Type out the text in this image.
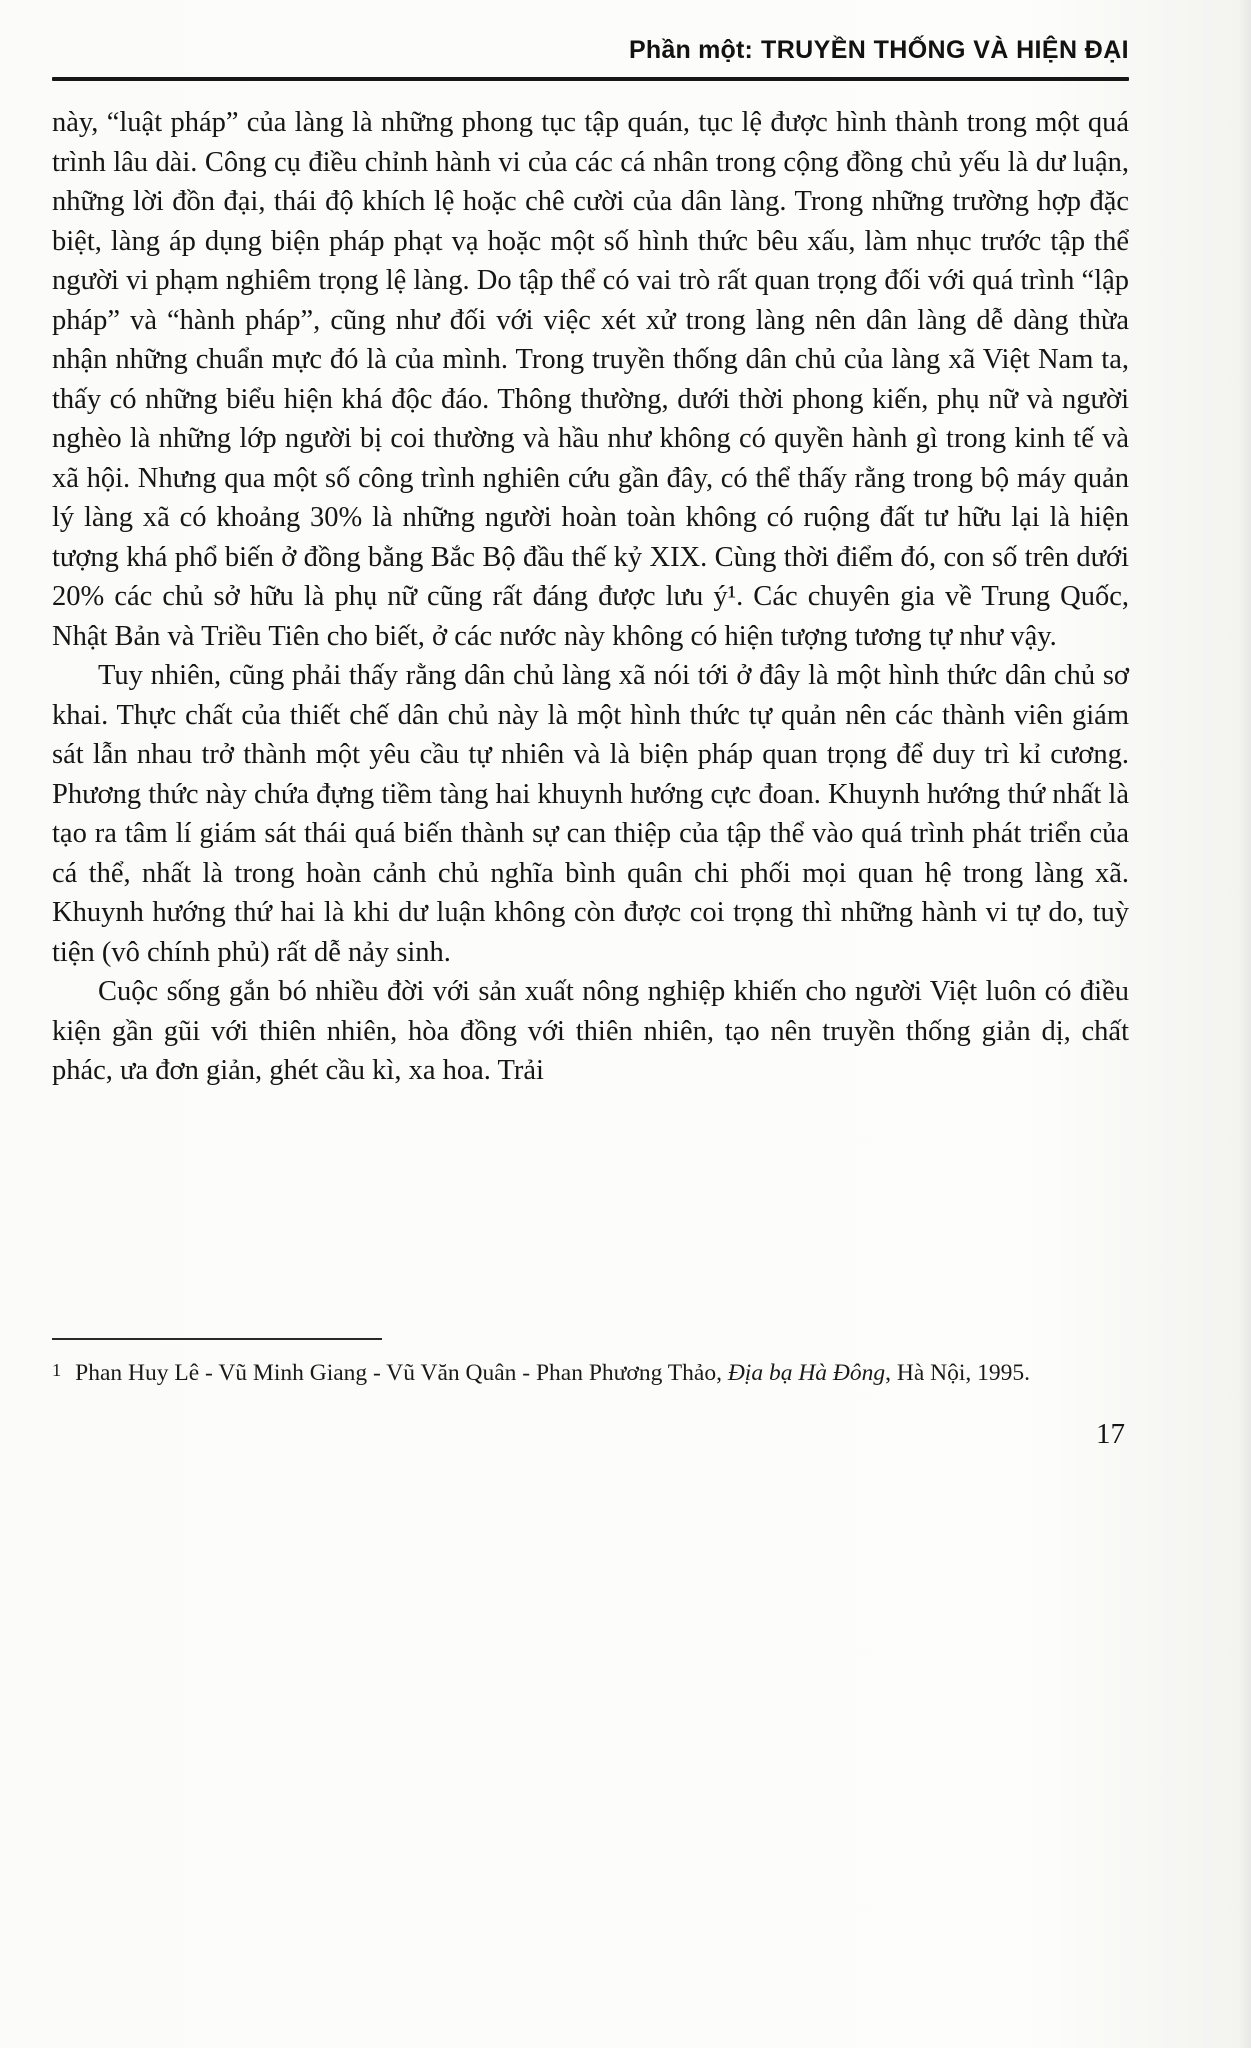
Phần một: TRUYỀN THỐNG VÀ HIỆN ĐẠI

này, “luật pháp” của làng là những phong tục tập quán, tục lệ được hình thành trong một quá trình lâu dài. Công cụ điều chỉnh hành vi của các cá nhân trong cộng đồng chủ yếu là dư luận, những lời đồn đại, thái độ khích lệ hoặc chê cười của dân làng. Trong những trường hợp đặc biệt, làng áp dụng biện pháp phạt vạ hoặc một số hình thức bêu xấu, làm nhục trước tập thể người vi phạm nghiêm trọng lệ làng. Do tập thể có vai trò rất quan trọng đối với quá trình “lập pháp” và “hành pháp”, cũng như đối với việc xét xử trong làng nên dân làng dễ dàng thừa nhận những chuẩn mực đó là của mình. Trong truyền thống dân chủ của làng xã Việt Nam ta, thấy có những biểu hiện khá độc đáo. Thông thường, dưới thời phong kiến, phụ nữ và người nghèo là những lớp người bị coi thường và hầu như không có quyền hành gì trong kinh tế và xã hội. Nhưng qua một số công trình nghiên cứu gần đây, có thể thấy rằng trong bộ máy quản lý làng xã có khoảng 30% là những người hoàn toàn không có ruộng đất tư hữu lại là hiện tượng khá phổ biến ở đồng bằng Bắc Bộ đầu thế kỷ XIX. Cùng thời điểm đó, con số trên dưới 20% các chủ sở hữu là phụ nữ cũng rất đáng được lưu ý¹. Các chuyên gia về Trung Quốc, Nhật Bản và Triều Tiên cho biết, ở các nước này không có hiện tượng tương tự như vậy.

Tuy nhiên, cũng phải thấy rằng dân chủ làng xã nói tới ở đây là một hình thức dân chủ sơ khai. Thực chất của thiết chế dân chủ này là một hình thức tự quản nên các thành viên giám sát lẫn nhau trở thành một yêu cầu tự nhiên và là biện pháp quan trọng để duy trì kỉ cương. Phương thức này chứa đựng tiềm tàng hai khuynh hướng cực đoan. Khuynh hướng thứ nhất là tạo ra tâm lí giám sát thái quá biến thành sự can thiệp của tập thể vào quá trình phát triển của cá thể, nhất là trong hoàn cảnh chủ nghĩa bình quân chi phối mọi quan hệ trong làng xã. Khuynh hướng thứ hai là khi dư luận không còn được coi trọng thì những hành vi tự do, tuỳ tiện (vô chính phủ) rất dễ nảy sinh.

Cuộc sống gắn bó nhiều đời với sản xuất nông nghiệp khiến cho người Việt luôn có điều kiện gần gũi với thiên nhiên, hòa đồng với thiên nhiên, tạo nên truyền thống giản dị, chất phác, ưa đơn giản, ghét cầu kì, xa hoa. Trải

1 Phan Huy Lê - Vũ Minh Giang - Vũ Văn Quân - Phan Phương Thảo, Địa bạ Hà Đông, Hà Nội, 1995.
17
